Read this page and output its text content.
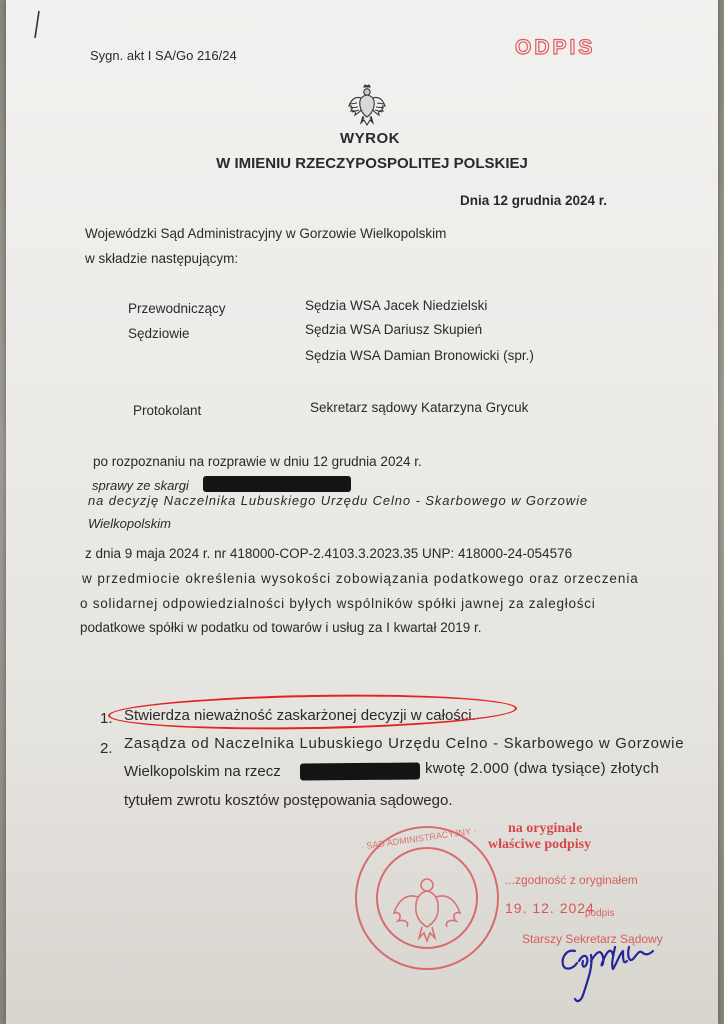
Sygn. akt I SA/Go 216/24	ODPIS
WYROK
W IMIENIU RZECZYPOSPOLITEJ POLSKIEJ
Dnia 12 grudnia 2024 r.
Wojewódzki Sąd Administracyjny w Gorzowie Wielkopolskim
w składzie następującym:
Przewodniczący	Sędzia WSA Jacek Niedzielski
Sędziowie	Sędzia WSA Dariusz Skupień
Sędzia WSA Damian Bronowicki (spr.)
Protokolant	Sekretarz sądowy Katarzyna Grycuk
po rozpoznaniu na rozprawie w dniu 12 grudnia 2024 r.
sprawy ze skargi
na decyzję Naczelnika Lubuskiego Urzędu Celno - Skarbowego w Gorzowie
Wielkopolskim
z dnia 9 maja 2024 r. nr 418000-COP-2.4103.3.2023.35 UNP: 418000-24-054576
w przedmiocie określenia wysokości zobowiązania podatkowego oraz orzeczenia
o solidarnej odpowiedzialności byłych wspólników spółki jawnej za zaległości
podatkowe spółki w podatku od towarów i usług za I kwartał 2019 r.
1. Stwierdza nieważność zaskarżonej decyzji w całości.
2. Zasądza od Naczelnika Lubuskiego Urzędu Celno - Skarbowego w Gorzowie
Wielkopolskim na rzecz	kwotę 2.000 (dwa tysiące) złotych
tytułem zwrotu kosztów postępowania sądowego.
· SĄD ADMINISTRACYJNY · na oryginale
właściwe podpisy
...zgodność z oryginałem
19. 12. 2024
podpis
Starszy Sekretarz Sądowy
